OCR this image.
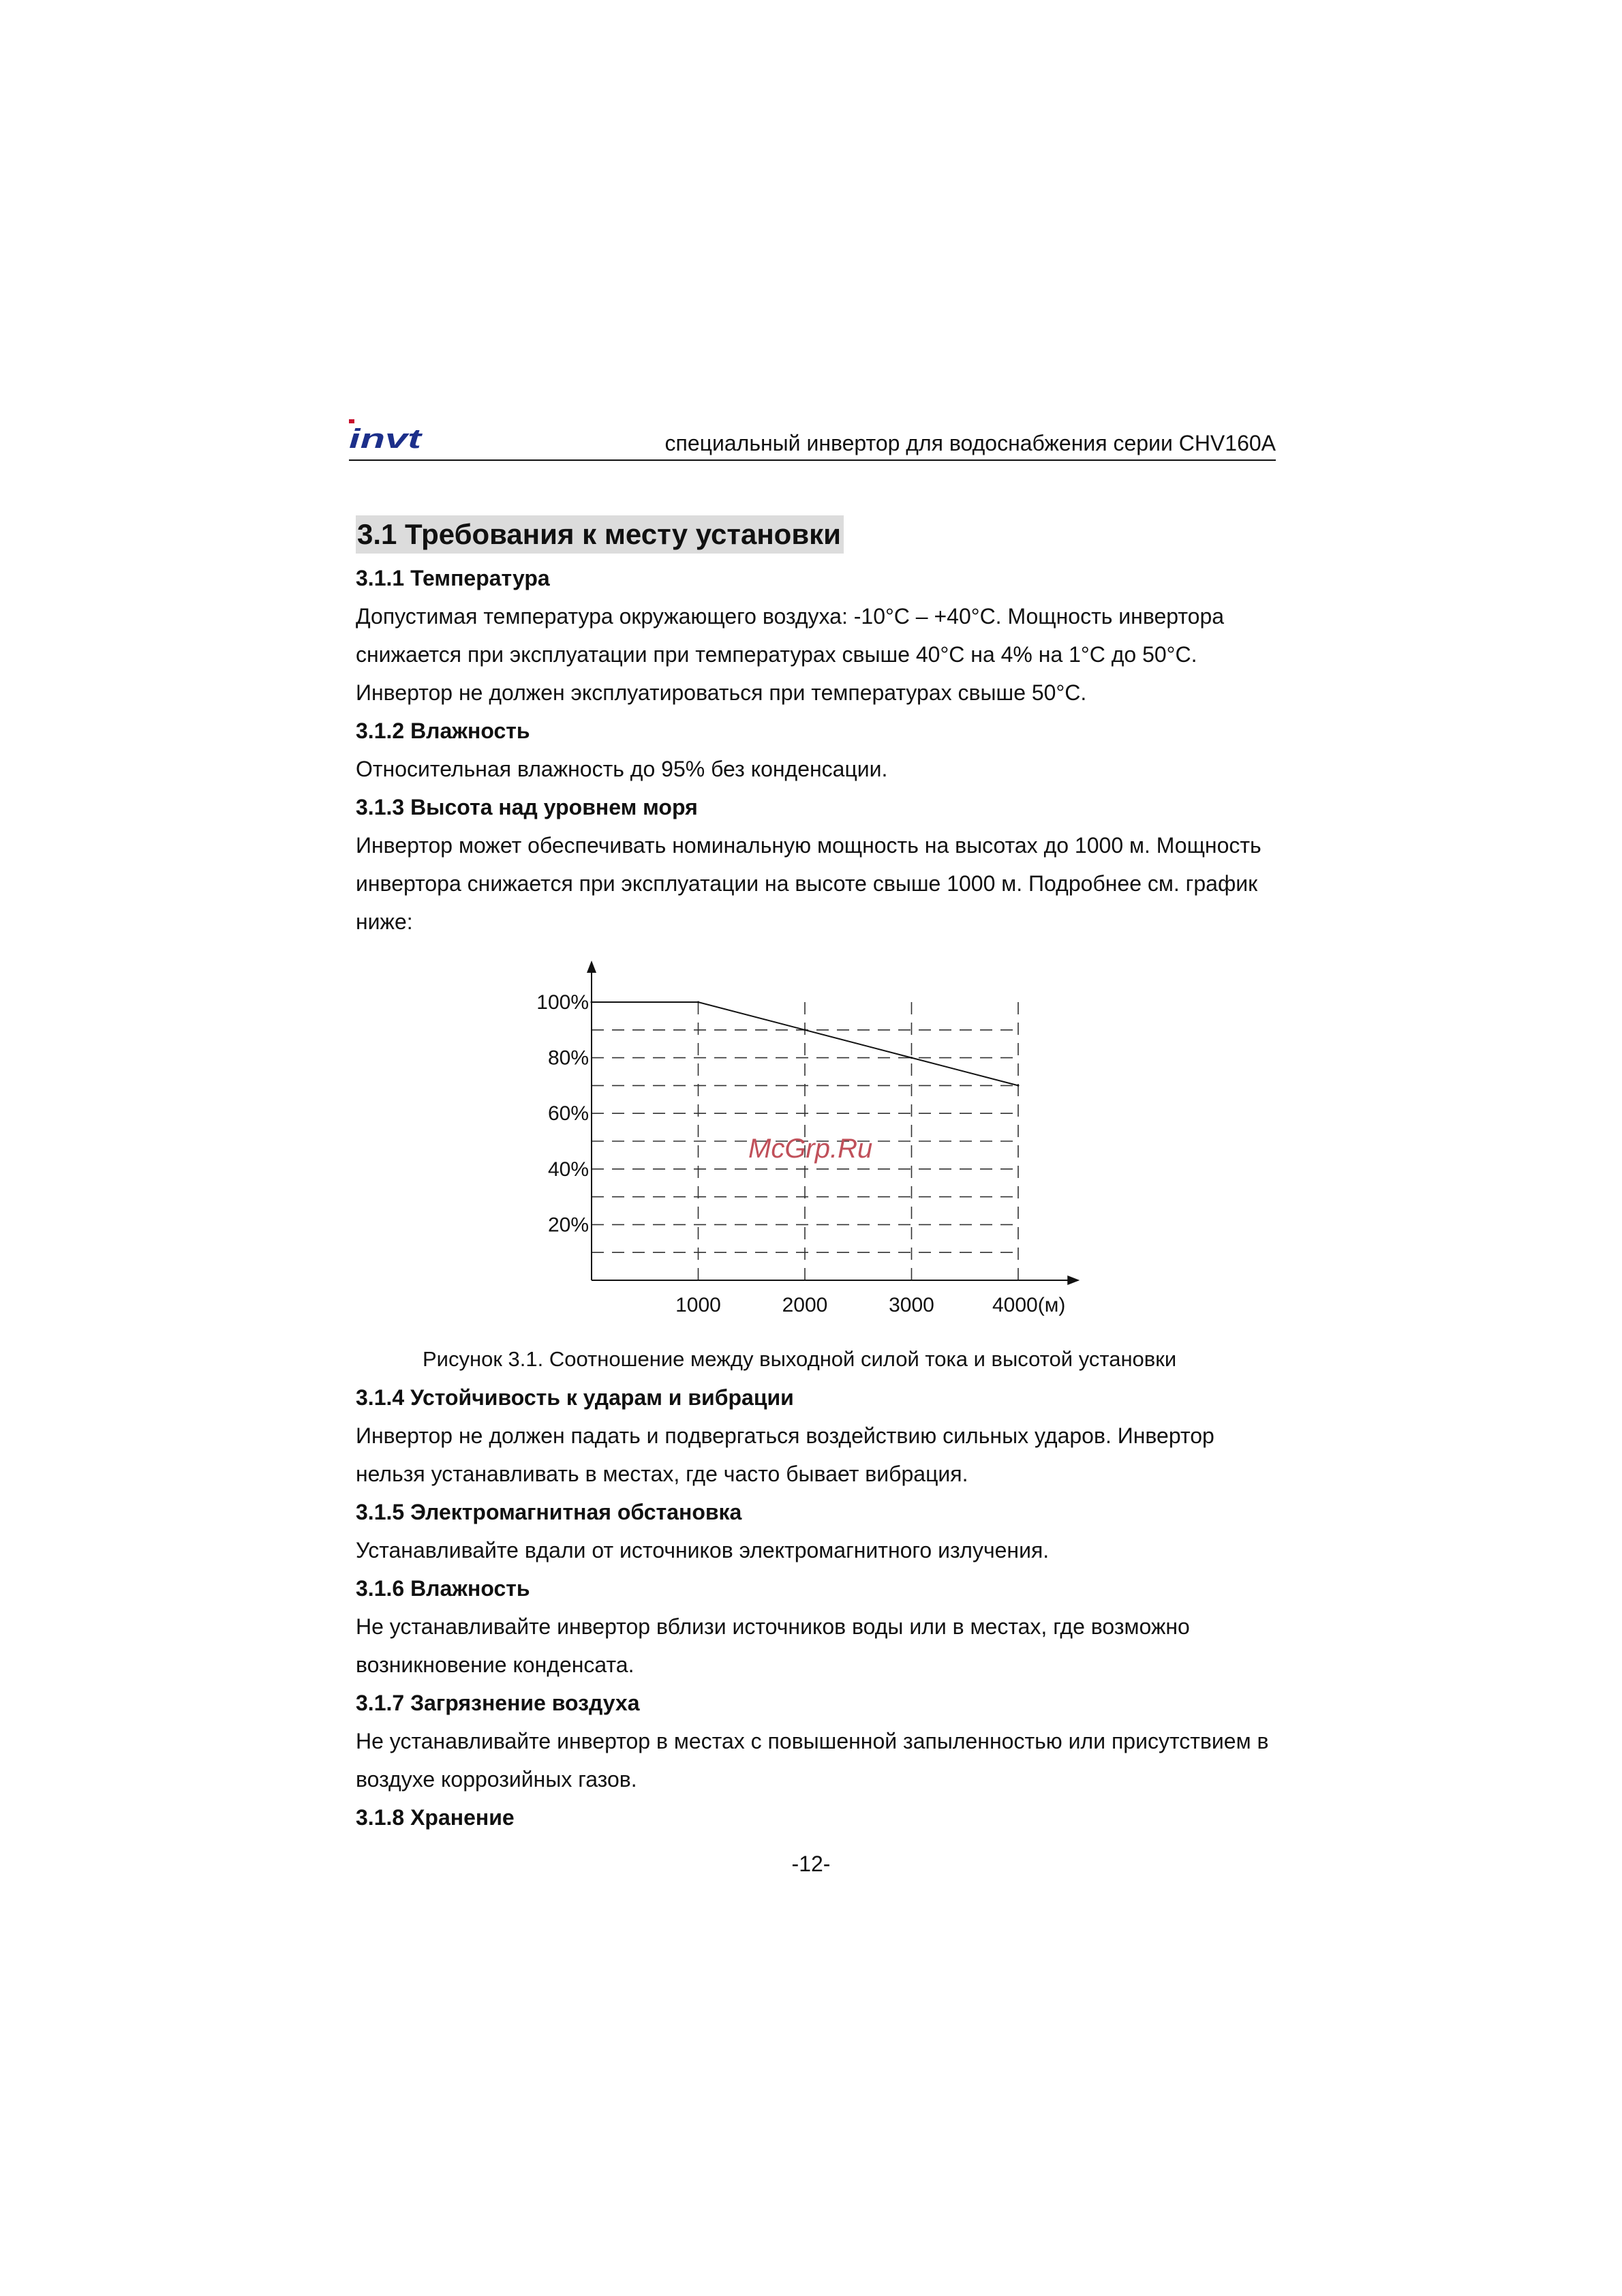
invt	специальный инвертор для водоснабжения серии CHV160A
3.1 Требования к месту установки

3.1.1 Температура

Допустимая температура окружающего воздуха: -10°C – +40°C. Мощность инвертора

снижается при эксплуатации при температурах свыше 40°C на 4% на 1°C до 50°C.

Инвертор не должен эксплуатироваться при температурах свыше 50°C.

3.1.2 Влажность

Относительная влажность до 95% без конденсации.

3.1.3 Высота над уровнем моря

Инвертор может обеспечивать номинальную мощность на высотах до 1000 м. Мощность

инвертора снижается при эксплуатации на высоте свыше 1000 м. Подробнее см. график

ниже:

100%
80%
60%
40%
20%
1000	2000	3000	4000(м)
McGrp.Ru

Рисунок 3.1. Соотношение между выходной силой тока и высотой установки

3.1.4 Устойчивость к ударам и вибрации

Инвертор не должен падать и подвергаться воздействию сильных ударов. Инвертор

нельзя устанавливать в местах, где часто бывает вибрация.

3.1.5 Электромагнитная обстановка

Устанавливайте вдали от источников электромагнитного излучения.

3.1.6 Влажность

Не устанавливайте инвертор вблизи источников воды или в местах, где возможно

возникновение конденсата.

3.1.7 Загрязнение воздуха

Не устанавливайте инвертор в местах с повышенной запыленностью или присутствием в

воздухе коррозийных газов.

3.1.8 Хранение

-12-
